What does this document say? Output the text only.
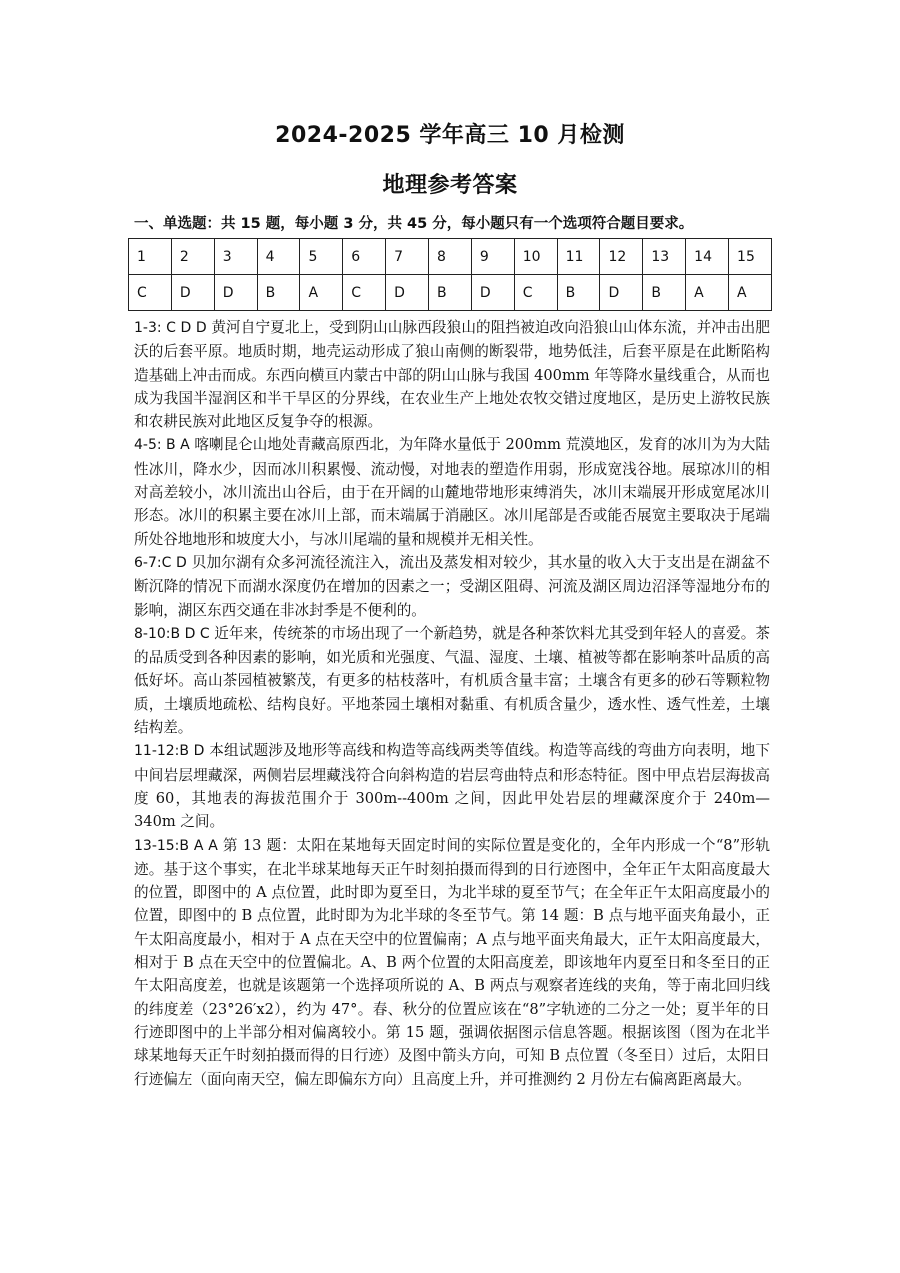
2024-2025 学年高三 10 月检测
地理参考答案
一、单选题：共 15 题，每小题 3 分，共 45 分，每小题只有一个选项符合题目要求。
1	2	3	4	5	6	7	8	9	10	11	12	13	14	15
C	D	D	B	A	C	D	B	D	C	B	D	B	A	A

1-3: C D D 黄河自宁夏北上，受到阴山山脉西段狼山的阻挡被迫改向沿狼山山体东流，并冲击出肥沃的后套平原。地质时期，地壳运动形成了狼山南侧的断裂带，地势低洼，后套平原是在此断陷构造基础上冲击而成。东西向横亘内蒙古中部的阴山山脉与我国 400mm 年等降水量线重合，从而也成为我国半湿润区和半干旱区的分界线，在农业生产上地处农牧交错过度地区，是历史上游牧民族和农耕民族对此地区反复争夺的根源。

4-5: B A 喀喇昆仑山地处青藏高原西北，为年降水量低于 200mm 荒漠地区，发育的冰川为为大陆性冰川，降水少，因而冰川积累慢、流动慢，对地表的塑造作用弱，形成宽浅谷地。展琼冰川的相对高差较小，冰川流出山谷后，由于在开阔的山麓地带地形束缚消失，冰川末端展开形成宽尾冰川形态。冰川的积累主要在冰川上部，而末端属于消融区。冰川尾部是否或能否展宽主要取决于尾端所处谷地地形和坡度大小，与冰川尾端的量和规模并无相关性。

6-7:C D 贝加尔湖有众多河流径流注入，流出及蒸发相对较少，其水量的收入大于支出是在湖盆不断沉降的情况下而湖水深度仍在增加的因素之一；受湖区阻碍、河流及湖区周边沼泽等湿地分布的影响，湖区东西交通在非冰封季是不便利的。

8-10:B D C 近年来，传统茶的市场出现了一个新趋势，就是各种茶饮料尤其受到年轻人的喜爱。茶的品质受到各种因素的影响，如光质和光强度、气温、湿度、土壤、植被等都在影响茶叶品质的高低好坏。高山茶园植被繁茂，有更多的枯枝落叶，有机质含量丰富；土壤含有更多的砂石等颗粒物质，土壤质地疏松、结构良好。平地茶园土壤相对黏重、有机质含量少，透水性、透气性差，土壤结构差。

11-12:B D 本组试题涉及地形等高线和构造等高线两类等值线。构造等高线的弯曲方向表明，地下中间岩层埋藏深，两侧岩层埋藏浅符合向斜构造的岩层弯曲特点和形态特征。图中甲点岩层海拔高度 60，其地表的海拔范围介于 300m--400m 之间，因此甲处岩层的埋藏深度介于 240m—340m 之间。

13-15:B A A 第 13 题：太阳在某地每天固定时间的实际位置是变化的，全年内形成一个“8”形轨迹。基于这个事实，在北半球某地每天正午时刻拍摄而得到的日行迹图中，全年正午太阳高度最大的位置，即图中的 A 点位置，此时即为夏至日，为北半球的夏至节气；在全年正午太阳高度最小的位置，即图中的 B 点位置，此时即为为北半球的冬至节气。第 14 题：B 点与地平面夹角最小，正午太阳高度最小，相对于 A 点在天空中的位置偏南；A 点与地平面夹角最大，正午太阳高度最大，相对于 B 点在天空中的位置偏北。A、B 两个位置的太阳高度差，即该地年内夏至日和冬至日的正午太阳高度差，也就是该题第一个选择项所说的 A、B 两点与观察者连线的夹角，等于南北回归线的纬度差（23°26′x2），约为 47°。春、秋分的位置应该在“8”字轨迹的二分之一处；夏半年的日行迹即图中的上半部分相对偏离较小。第 15 题，强调依据图示信息答题。根据该图（图为在北半球某地每天正午时刻拍摄而得的日行迹）及图中箭头方向，可知 B 点位置（冬至日）过后，太阳日行迹偏左（面向南天空，偏左即偏东方向）且高度上升，并可推测约 2 月份左右偏离距离最大。
